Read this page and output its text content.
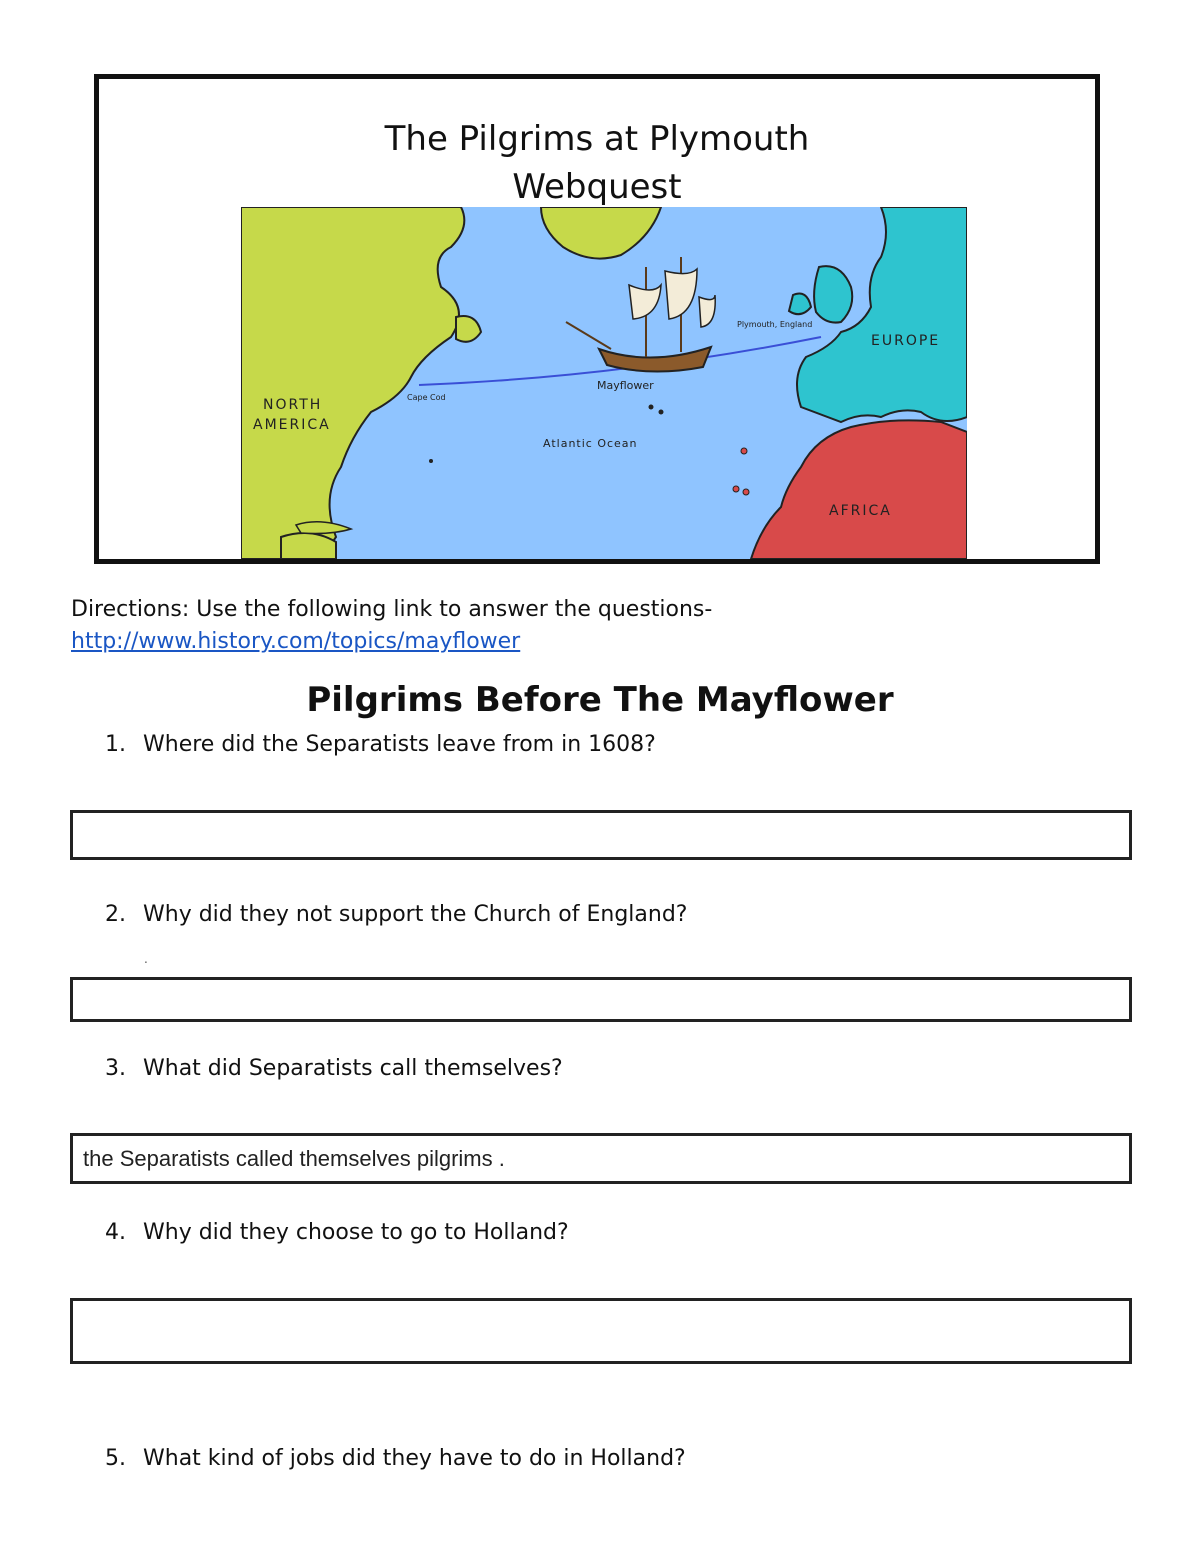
The Pilgrims at Plymouth
Webquest
NORTH
AMERICA
EUROPE
AFRICA
Atlantic Ocean
Mayflower
Cape Cod
Plymouth, England
Directions: Use the following link to answer the questions-
http://www.history.com/topics/mayflower
Pilgrims Before The Mayflower
1. Where did the Separatists leave from in 1608?
2. Why did they not support the Church of England?
.
3. What did Separatists call themselves?
the Separatists called themselves pilgrims .
4. Why did they choose to go to Holland?
5. What kind of jobs did they have to do in Holland?
